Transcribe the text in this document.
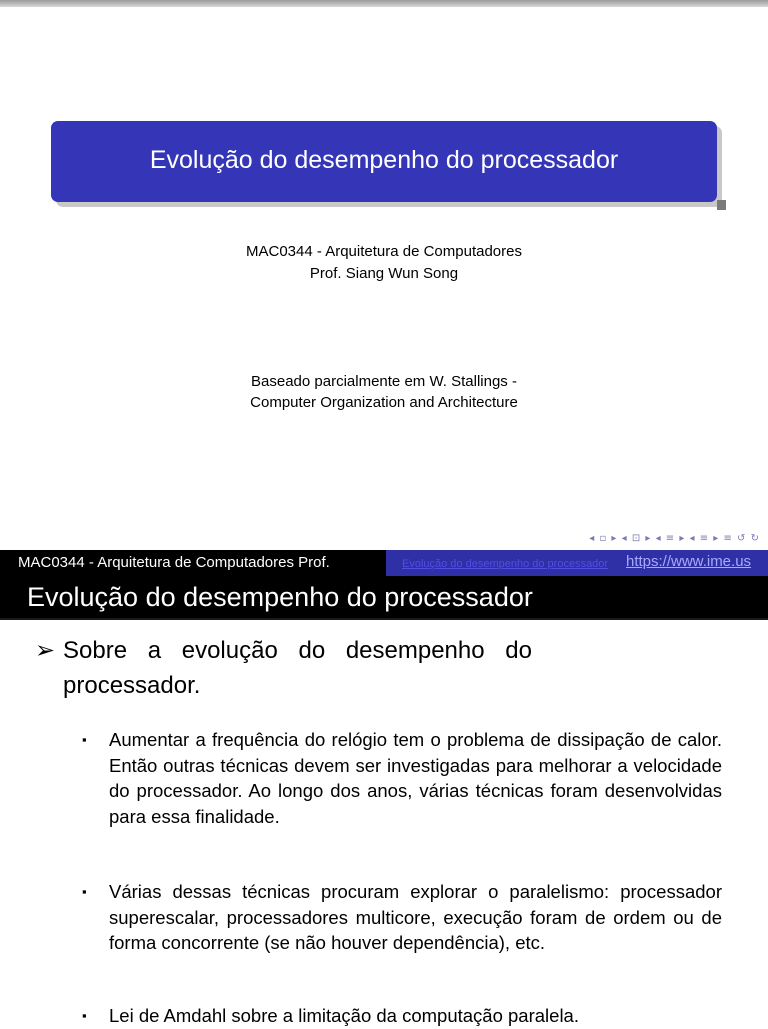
Evolução do desempenho do processador
MAC0344 - Arquitetura de Computadores
Prof. Siang Wun Song
Baseado parcialmente em W. Stallings -
Computer Organization and Architecture
◂ ▫ ▸ ◂ ⊡ ▸ ◂ ≡ ▸ ◂ ≡ ▸ ≡ ↺ ↻
MAC0344 - Arquitetura de Computadores Prof.	Evolução do desempenho do processador https://www.ime.us
Evolução do desempenho do processador
➢ Sobre a evolução do desempenho do processador.
▪ Aumentar a frequência do relógio tem o problema de dissipação de calor. Então outras técnicas devem ser investigadas para melhorar a velocidade do processador. Ao longo dos anos, várias técnicas foram desenvolvidas para essa finalidade.
▪ Várias dessas técnicas procuram explorar o paralelismo: processador superescalar, processadores multicore, execução foram de ordem ou de forma concorrente (se não houver dependência), etc.
▪ Lei de Amdahl sobre a limitação da computação paralela.
